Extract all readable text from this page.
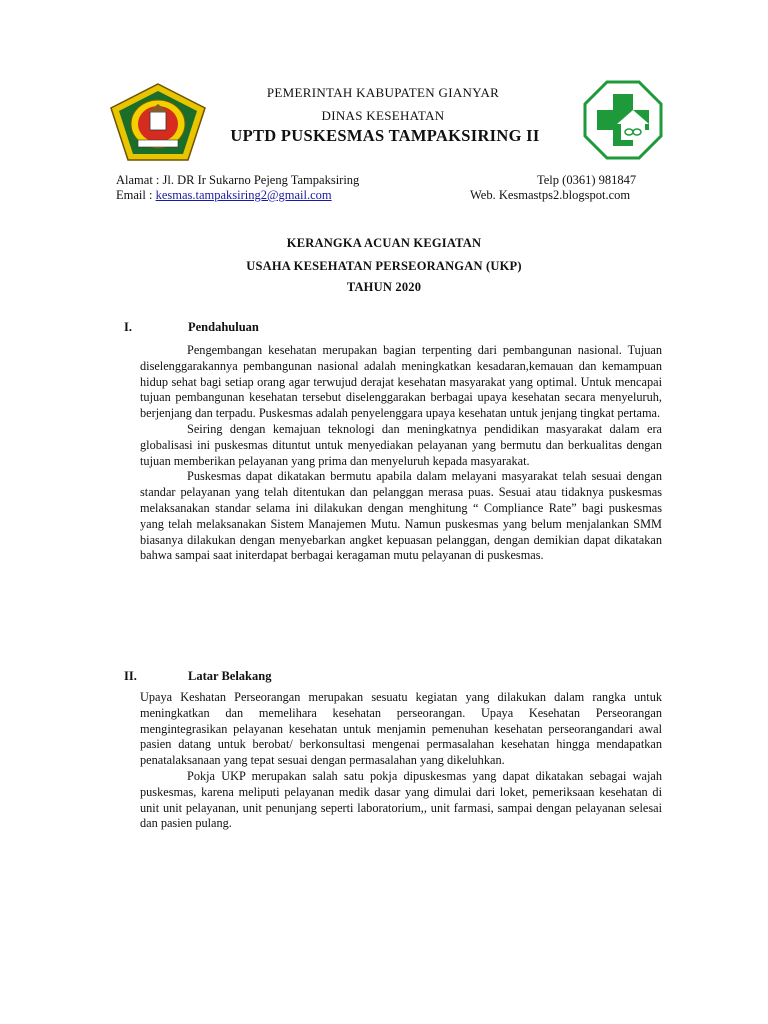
PEMERINTAH KABUPATEN GIANYAR
DINAS KESEHATAN
UPTD PUSKESMAS TAMPAKSIRING II
Alamat : Jl. DR Ir Sukarno Pejeng Tampaksiring	Telp (0361) 981847
Email : kesmas.tampaksiring2@gmail.com	Web. Kesmastps2.blogspot.com
KERANGKA ACUAN KEGIATAN
USAHA KESEHATAN PERSEORANGAN (UKP)
TAHUN 2020
I.	Pendahuluan
Pengembangan kesehatan merupakan bagian terpenting dari pembangunan nasional. Tujuan diselenggarakannya pembangunan nasional adalah meningkatkan kesadaran,kemauan dan kemampuan hidup sehat bagi setiap orang agar terwujud derajat kesehatan masyarakat yang optimal. Untuk mencapai tujuan pembangunan kesehatan tersebut diselenggarakan berbagai upaya kesehatan secara menyeluruh, berjenjang dan terpadu. Puskesmas adalah penyelenggara upaya kesehatan untuk jenjang tingkat pertama.
Seiring dengan kemajuan teknologi dan meningkatnya pendidikan masyarakat dalam era globalisasi ini puskesmas dituntut untuk menyediakan pelayanan yang bermutu dan berkualitas dengan tujuan memberikan pelayanan yang prima dan menyeluruh kepada masyarakat.
Puskesmas dapat dikatakan bermutu apabila dalam melayani masyarakat telah sesuai dengan standar pelayanan yang telah ditentukan dan pelanggan merasa puas. Sesuai atau tidaknya puskesmas melaksanakan standar selama ini dilakukan dengan menghitung “ Compliance Rate” bagi puskesmas yang telah melaksanakan Sistem Manajemen Mutu. Namun puskesmas yang belum menjalankan SMM biasanya dilakukan dengan menyebarkan angket kepuasan pelanggan, dengan demikian dapat dikatakan bahwa sampai saat initerdapat berbagai keragaman mutu pelayanan di puskesmas.
II.	Latar Belakang
Upaya Keshatan Perseorangan merupakan sesuatu kegiatan yang dilakukan dalam rangka untuk meningkatkan dan memelihara kesehatan perseorangan. Upaya Kesehatan Perseorangan mengintegrasikan pelayanan kesehatan untuk menjamin pemenuhan kesehatan perseorangandari awal pasien datang untuk berobat/ berkonsultasi mengenai permasalahan kesehatan hingga mendapatkan penatalaksanaan yang tepat sesuai dengan permasalahan yang dikeluhkan.
Pokja UKP merupakan salah satu pokja dipuskesmas yang dapat dikatakan sebagai wajah puskesmas, karena meliputi pelayanan medik dasar yang dimulai dari loket, pemeriksaan kesehatan di unit unit pelayanan, unit penunjang seperti laboratorium,, unit farmasi, sampai dengan pelayanan selesai dan pasien pulang.
